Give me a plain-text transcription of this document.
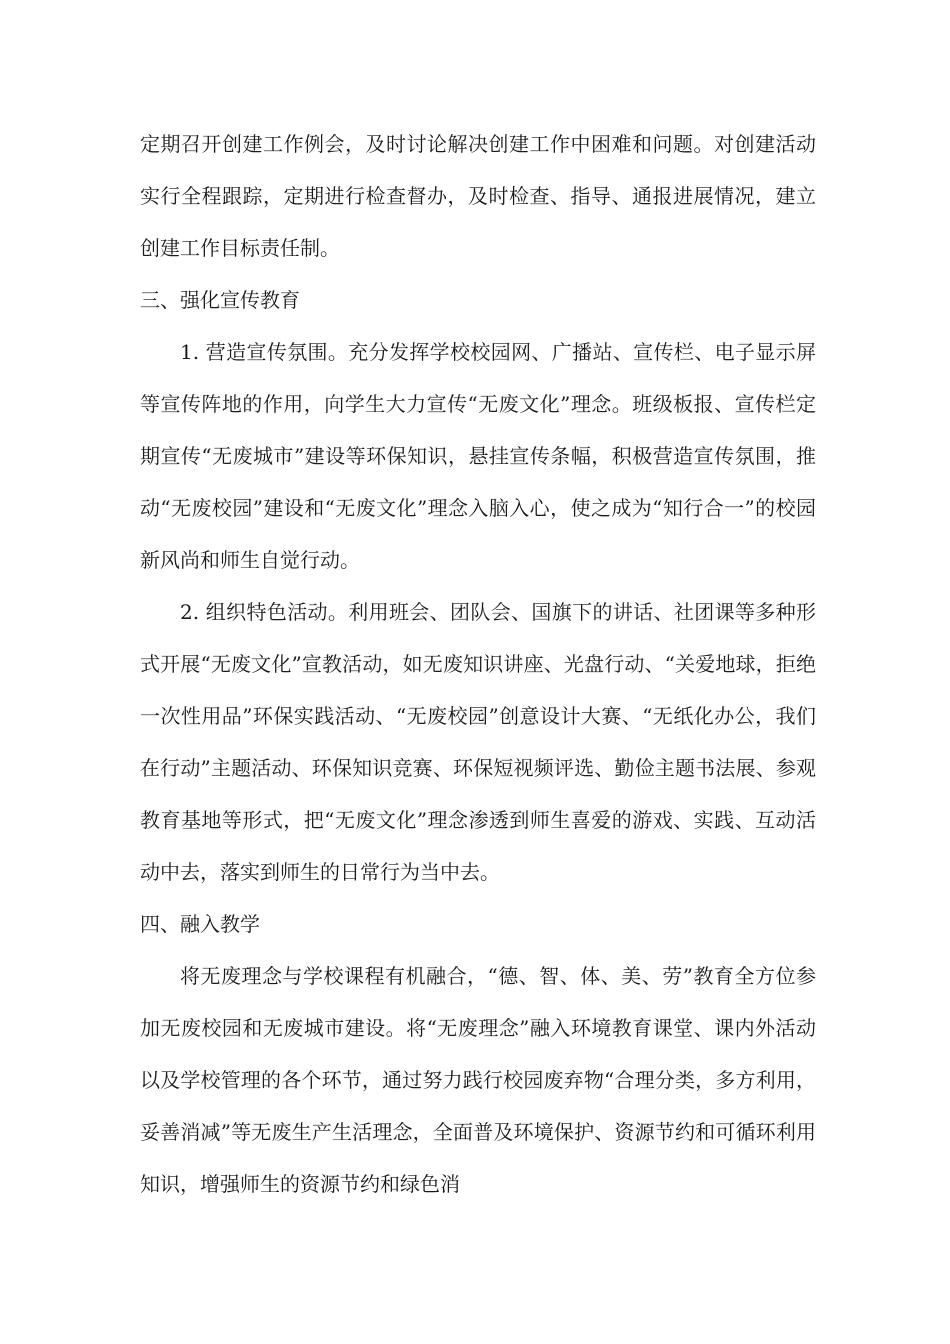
定期召开创建工作例会，及时讨论解决创建工作中困难和问题。对创建活动实行全程跟踪，定期进行检查督办，及时检查、指导、通报进展情况，建立创建工作目标责任制。

三、强化宣传教育

1. 营造宣传氛围。充分发挥学校校园网、广播站、宣传栏、电子显示屏等宣传阵地的作用，向学生大力宣传“无废文化”理念。班级板报、宣传栏定期宣传“无废城市”建设等环保知识，悬挂宣传条幅，积极营造宣传氛围，推动“无废校园”建设和“无废文化”理念入脑入心，使之成为“知行合一”的校园新风尚和师生自觉行动。

2. 组织特色活动。利用班会、团队会、国旗下的讲话、社团课等多种形式开展“无废文化”宣教活动，如无废知识讲座、光盘行动、“关爱地球，拒绝一次性用品”环保实践活动、“无废校园”创意设计大赛、“无纸化办公，我们在行动”主题活动、环保知识竞赛、环保短视频评选、勤俭主题书法展、参观教育基地等形式，把“无废文化”理念渗透到师生喜爱的游戏、实践、互动活动中去，落实到师生的日常行为当中去。

四、融入教学

将无废理念与学校课程有机融合，“德、智、体、美、劳”教育全方位参加无废校园和无废城市建设。将“无废理念”融入环境教育课堂、课内外活动以及学校管理的各个环节，通过努力践行校园废弃物“合理分类，多方利用，妥善消减”等无废生产生活理念，全面普及环境保护、资源节约和可循环利用知识，增强师生的资源节约和绿色消
